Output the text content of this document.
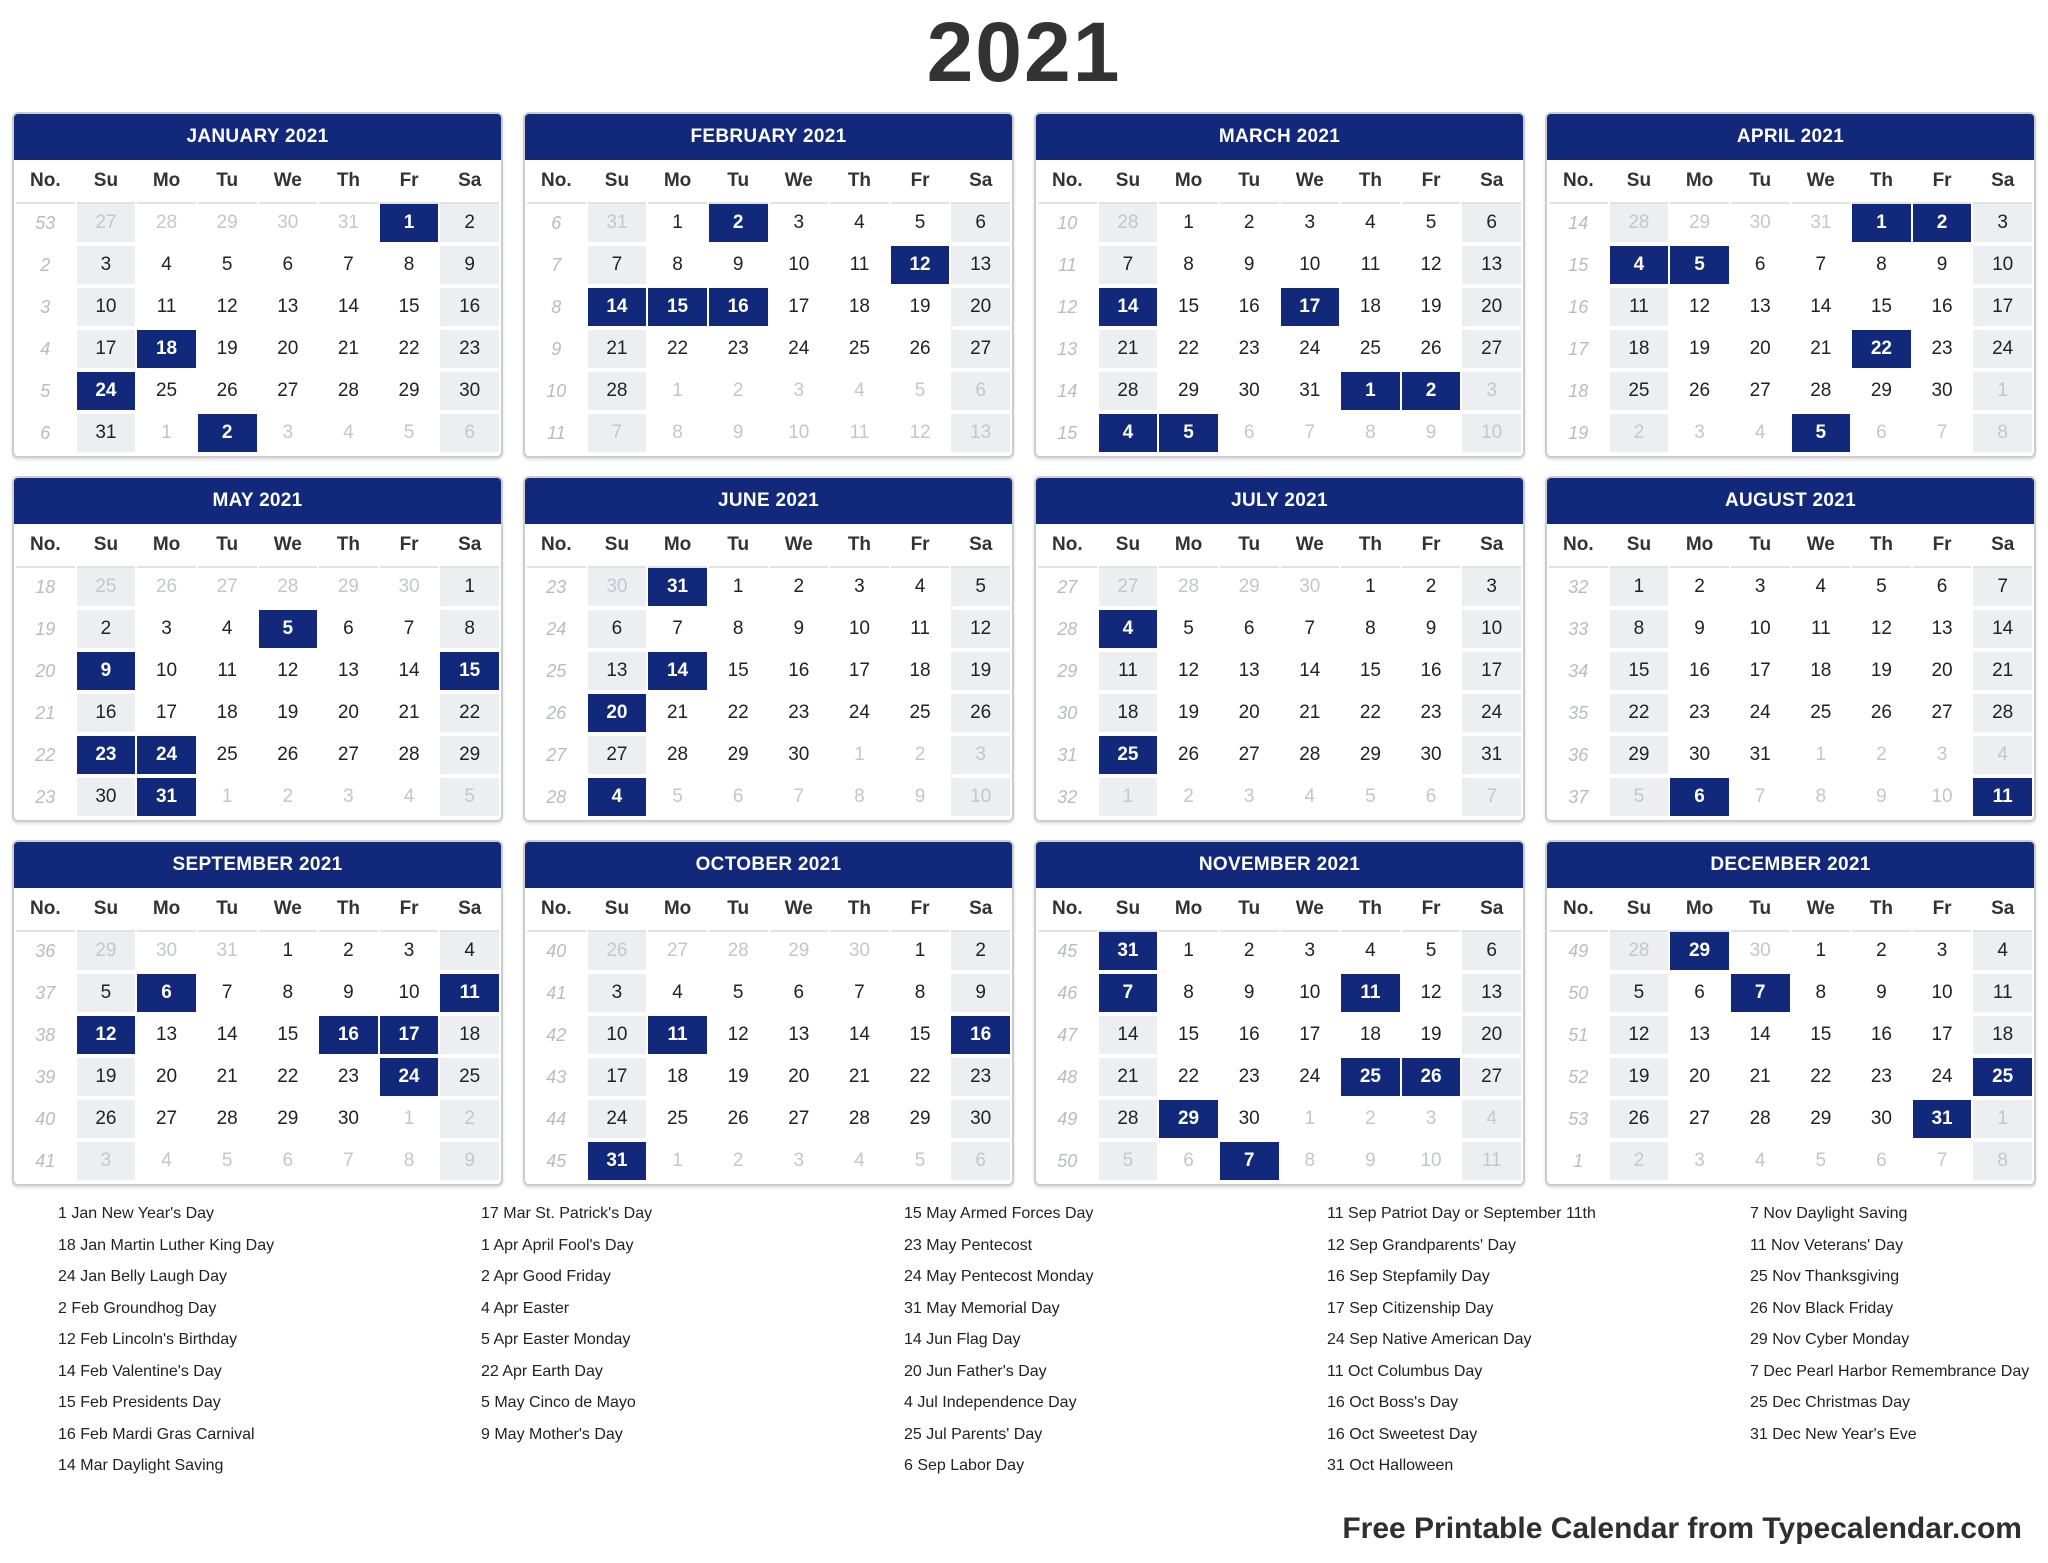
2021
JANUARY 2021
No.	Su	Mo	Tu	We	Th	Fr	Sa
53	27	28	29	30	31	1	2
2	3	4	5	6	7	8	9
3	10	11	12	13	14	15	16
4	17	18	19	20	21	22	23
5	24	25	26	27	28	29	30
6	31	1	2	3	4	5	6
FEBRUARY 2021
No.	Su	Mo	Tu	We	Th	Fr	Sa
6	31	1	2	3	4	5	6
7	7	8	9	10	11	12	13
8	14	15	16	17	18	19	20
9	21	22	23	24	25	26	27
10	28	1	2	3	4	5	6
11	7	8	9	10	11	12	13
MARCH 2021
No.	Su	Mo	Tu	We	Th	Fr	Sa
10	28	1	2	3	4	5	6
11	7	8	9	10	11	12	13
12	14	15	16	17	18	19	20
13	21	22	23	24	25	26	27
14	28	29	30	31	1	2	3
15	4	5	6	7	8	9	10
APRIL 2021
No.	Su	Mo	Tu	We	Th	Fr	Sa
14	28	29	30	31	1	2	3
15	4	5	6	7	8	9	10
16	11	12	13	14	15	16	17
17	18	19	20	21	22	23	24
18	25	26	27	28	29	30	1
19	2	3	4	5	6	7	8
MAY 2021
No.	Su	Mo	Tu	We	Th	Fr	Sa
18	25	26	27	28	29	30	1
19	2	3	4	5	6	7	8
20	9	10	11	12	13	14	15
21	16	17	18	19	20	21	22
22	23	24	25	26	27	28	29
23	30	31	1	2	3	4	5
JUNE 2021
No.	Su	Mo	Tu	We	Th	Fr	Sa
23	30	31	1	2	3	4	5
24	6	7	8	9	10	11	12
25	13	14	15	16	17	18	19
26	20	21	22	23	24	25	26
27	27	28	29	30	1	2	3
28	4	5	6	7	8	9	10
JULY 2021
No.	Su	Mo	Tu	We	Th	Fr	Sa
27	27	28	29	30	1	2	3
28	4	5	6	7	8	9	10
29	11	12	13	14	15	16	17
30	18	19	20	21	22	23	24
31	25	26	27	28	29	30	31
32	1	2	3	4	5	6	7
AUGUST 2021
No.	Su	Mo	Tu	We	Th	Fr	Sa
32	1	2	3	4	5	6	7
33	8	9	10	11	12	13	14
34	15	16	17	18	19	20	21
35	22	23	24	25	26	27	28
36	29	30	31	1	2	3	4
37	5	6	7	8	9	10	11
SEPTEMBER 2021
No.	Su	Mo	Tu	We	Th	Fr	Sa
36	29	30	31	1	2	3	4
37	5	6	7	8	9	10	11
38	12	13	14	15	16	17	18
39	19	20	21	22	23	24	25
40	26	27	28	29	30	1	2
41	3	4	5	6	7	8	9
OCTOBER 2021
No.	Su	Mo	Tu	We	Th	Fr	Sa
40	26	27	28	29	30	1	2
41	3	4	5	6	7	8	9
42	10	11	12	13	14	15	16
43	17	18	19	20	21	22	23
44	24	25	26	27	28	29	30
45	31	1	2	3	4	5	6
NOVEMBER 2021
No.	Su	Mo	Tu	We	Th	Fr	Sa
45	31	1	2	3	4	5	6
46	7	8	9	10	11	12	13
47	14	15	16	17	18	19	20
48	21	22	23	24	25	26	27
49	28	29	30	1	2	3	4
50	5	6	7	8	9	10	11
DECEMBER 2021
No.	Su	Mo	Tu	We	Th	Fr	Sa
49	28	29	30	1	2	3	4
50	5	6	7	8	9	10	11
51	12	13	14	15	16	17	18
52	19	20	21	22	23	24	25
53	26	27	28	29	30	31	1
1	2	3	4	5	6	7	8
1 Jan New Year's Day
18 Jan Martin Luther King Day
24 Jan Belly Laugh Day
2 Feb Groundhog Day
12 Feb Lincoln's Birthday
14 Feb Valentine's Day
15 Feb Presidents Day
16 Feb Mardi Gras Carnival
14 Mar Daylight Saving
17 Mar St. Patrick's Day
1 Apr April Fool's Day
2 Apr Good Friday
4 Apr Easter
5 Apr Easter Monday
22 Apr Earth Day
5 May Cinco de Mayo
9 May Mother's Day
15 May Armed Forces Day
23 May Pentecost
24 May Pentecost Monday
31 May Memorial Day
14 Jun Flag Day
20 Jun Father's Day
4 Jul Independence Day
25 Jul Parents' Day
6 Sep Labor Day
11 Sep Patriot Day or September 11th
12 Sep Grandparents' Day
16 Sep Stepfamily Day
17 Sep Citizenship Day
24 Sep Native American Day
11 Oct Columbus Day
16 Oct Boss's Day
16 Oct Sweetest Day
31 Oct Halloween
7 Nov Daylight Saving
11 Nov Veterans' Day
25 Nov Thanksgiving
26 Nov Black Friday
29 Nov Cyber Monday
7 Dec Pearl Harbor Remembrance Day
25 Dec Christmas Day
31 Dec New Year's Eve
Free Printable Calendar from Typecalendar.com
